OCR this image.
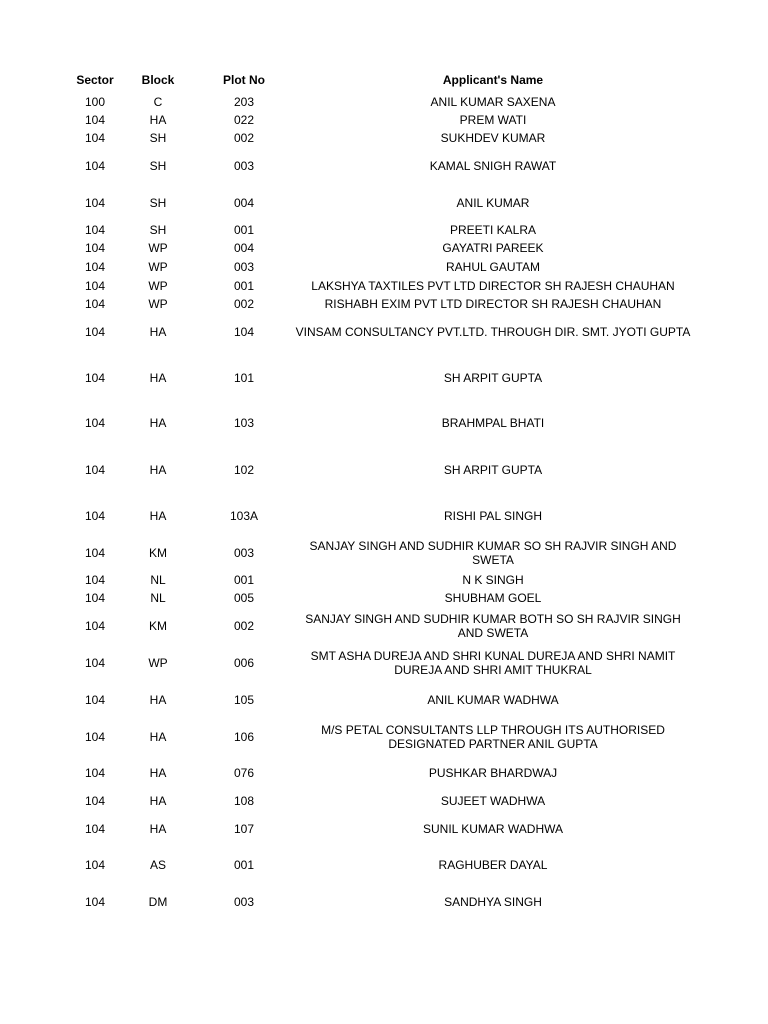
Sector	Block	Plot No	Applicant's Name
100	C	203	ANIL KUMAR SAXENA
104	HA	022	PREM WATI
104	SH	002	SUKHDEV KUMAR
104	SH	003	KAMAL SNIGH RAWAT
104	SH	004	ANIL KUMAR
104	SH	001	PREETI KALRA
104	WP	004	GAYATRI PAREEK
104	WP	003	RAHUL GAUTAM
104	WP	001	LAKSHYA TAXTILES PVT LTD DIRECTOR SH RAJESH CHAUHAN
104	WP	002	RISHABH EXIM PVT LTD DIRECTOR SH RAJESH CHAUHAN
104	HA	104	VINSAM CONSULTANCY PVT.LTD. THROUGH DIR. SMT. JYOTI GUPTA
104	HA	101	SH ARPIT GUPTA
104	HA	103	BRAHMPAL BHATI
104	HA	102	SH ARPIT GUPTA
104	HA	103A	RISHI PAL SINGH
104	KM	003	SANJAY SINGH AND SUDHIR KUMAR SO SH RAJVIR SINGH AND SWETA
104	NL	001	N K SINGH
104	NL	005	SHUBHAM GOEL
104	KM	002	SANJAY SINGH AND SUDHIR KUMAR BOTH SO SH RAJVIR SINGH AND SWETA
104	WP	006	SMT ASHA DUREJA AND SHRI KUNAL DUREJA AND SHRI NAMIT DUREJA AND SHRI AMIT THUKRAL
104	HA	105	ANIL KUMAR WADHWA
104	HA	106	M/S PETAL CONSULTANTS LLP THROUGH ITS AUTHORISED DESIGNATED PARTNER ANIL GUPTA
104	HA	076	PUSHKAR BHARDWAJ
104	HA	108	SUJEET WADHWA
104	HA	107	SUNIL KUMAR WADHWA
104	AS	001	RAGHUBER DAYAL
104	DM	003	SANDHYA SINGH
